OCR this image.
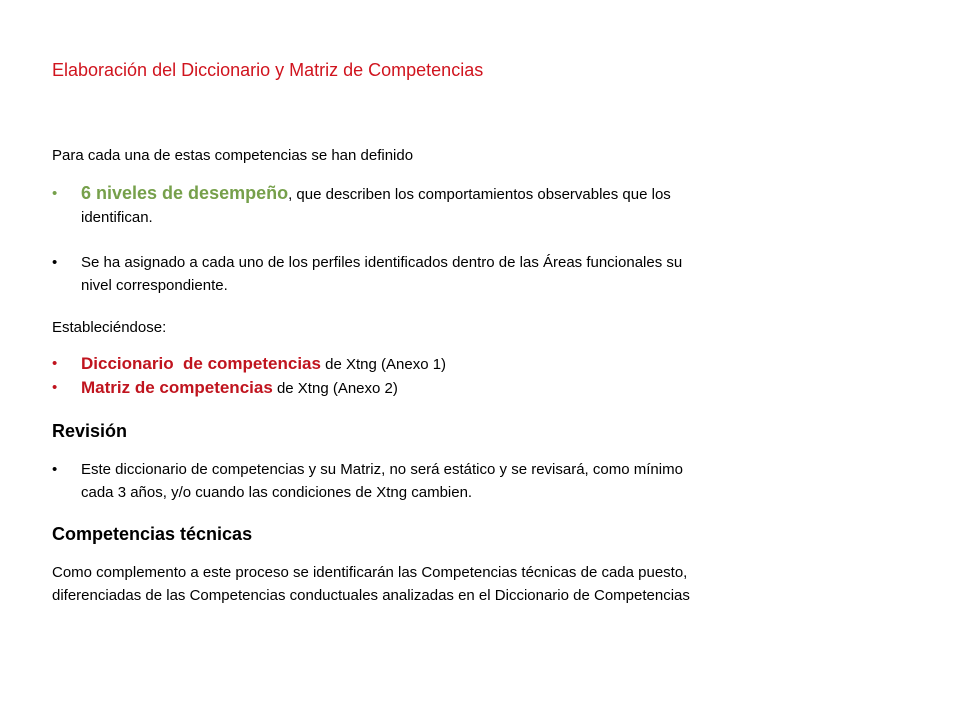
Elaboración del Diccionario y Matriz de Competencias

Para cada una de estas competencias se han definido

• 6 niveles de desempeño, que describen los comportamientos observables que los
identifican.
• Se ha asignado a cada uno de los perfiles identificados dentro de las Áreas funcionales su
nivel correspondiente.

Estableciéndose:

• Diccionario  de competencias de Xtng (Anexo 1)
• Matriz de competencias de Xtng (Anexo 2)

Revisión

• Este diccionario de competencias y su Matriz, no será estático y se revisará, como mínimo
cada 3 años, y/o cuando las condiciones de Xtng cambien.

Competencias técnicas

Como complemento a este proceso se identificarán las Competencias técnicas de cada puesto,

diferenciadas de las Competencias conductuales analizadas en el Diccionario de Competencias
